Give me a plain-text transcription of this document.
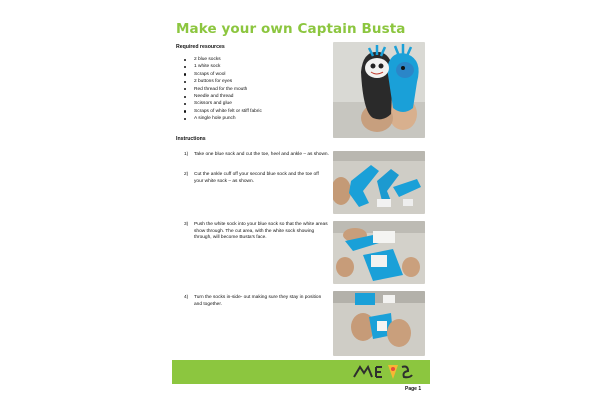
Make your own Captain Busta
Required resources
2 blue socks
1 white sock
Scraps of wool
2 buttons for eyes
Red thread for the mouth
Needle and thread
Scissors and glue
Scraps of white felt or stiff fabric
A single hole punch
Instructions
1)	Take one blue sock and cut the toe, heel and ankle – as shown.
2)	Cut the ankle cuff off your second blue sock and the toe off your white sock – as shown.
3)	Push the white sock into your blue sock so that the white areas show through. The cut area, with the white sock showing through, will become Busta's face.
4)	Turn the socks in-side- out making sure they stay in position and together.
Page 1
